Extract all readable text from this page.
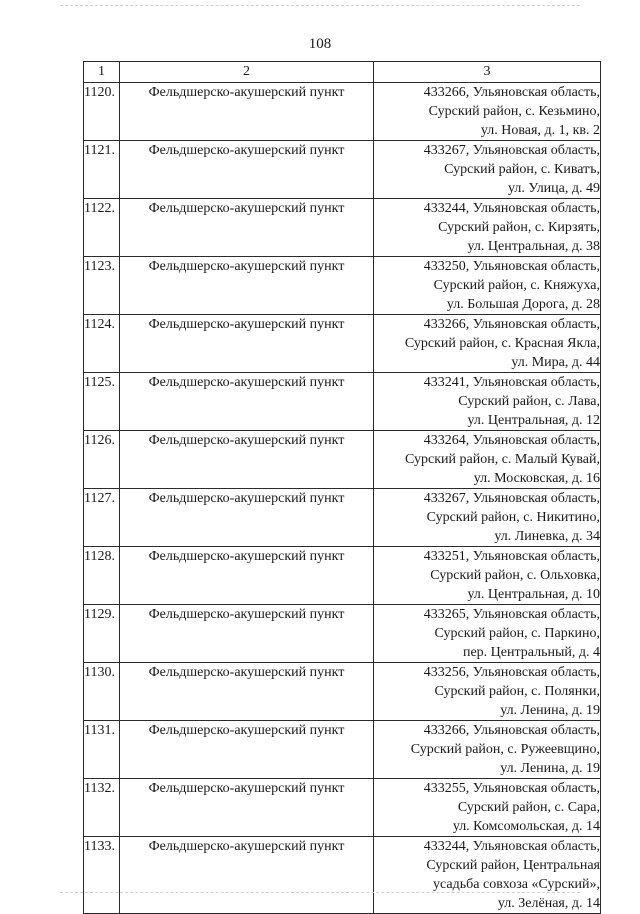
108
1	2	3
1120.	Фельдшерско-акушерский пункт	433266, Ульяновская область,
Сурский район, с. Кезьмино,
ул. Новая, д. 1, кв. 2

1121.	Фельдшерско-акушерский пункт	433267, Ульяновская область,
Сурский район, с. Киватъ,
ул. Улица, д. 49

1122.	Фельдшерско-акушерский пункт	433244, Ульяновская область,
Сурский район, с. Кирзять,
ул. Центральная, д. 38

1123.	Фельдшерско-акушерский пункт	433250, Ульяновская область,
Сурский район, с. Княжуха,
ул. Большая Дорога, д. 28

1124.	Фельдшерско-акушерский пункт	433266, Ульяновская область,
Сурский район, с. Красная Якла,
ул. Мира, д. 44

1125.	Фельдшерско-акушерский пункт	433241, Ульяновская область,
Сурский район, с. Лава,
ул. Центральная, д. 12

1126.	Фельдшерско-акушерский пункт	433264, Ульяновская область,
Сурский район, с. Малый Кувай,
ул. Московская, д. 16

1127.	Фельдшерско-акушерский пункт	433267, Ульяновская область,
Сурский район, с. Никитино,
ул. Линевка, д. 34

1128.	Фельдшерско-акушерский пункт	433251, Ульяновская область,
Сурский район, с. Ольховка,
ул. Центральная, д. 10

1129.	Фельдшерско-акушерский пункт	433265, Ульяновская область,
Сурский район, с. Паркино,
пер. Центральный, д. 4

1130.	Фельдшерско-акушерский пункт	433256, Ульяновская область,
Сурский район, с. Полянки,
ул. Ленина, д. 19

1131.	Фельдшерско-акушерский пункт	433266, Ульяновская область,
Сурский район, с. Ружеевщино,
ул. Ленина, д. 19

1132.	Фельдшерско-акушерский пункт	433255, Ульяновская область,
Сурский район, с. Сара,
ул. Комсомольская, д. 14

1133.	Фельдшерско-акушерский пункт	433244, Ульяновская область,
Сурский район, Центральная
усадьба совхоза «Сурский»,
ул. Зелёная, д. 14
